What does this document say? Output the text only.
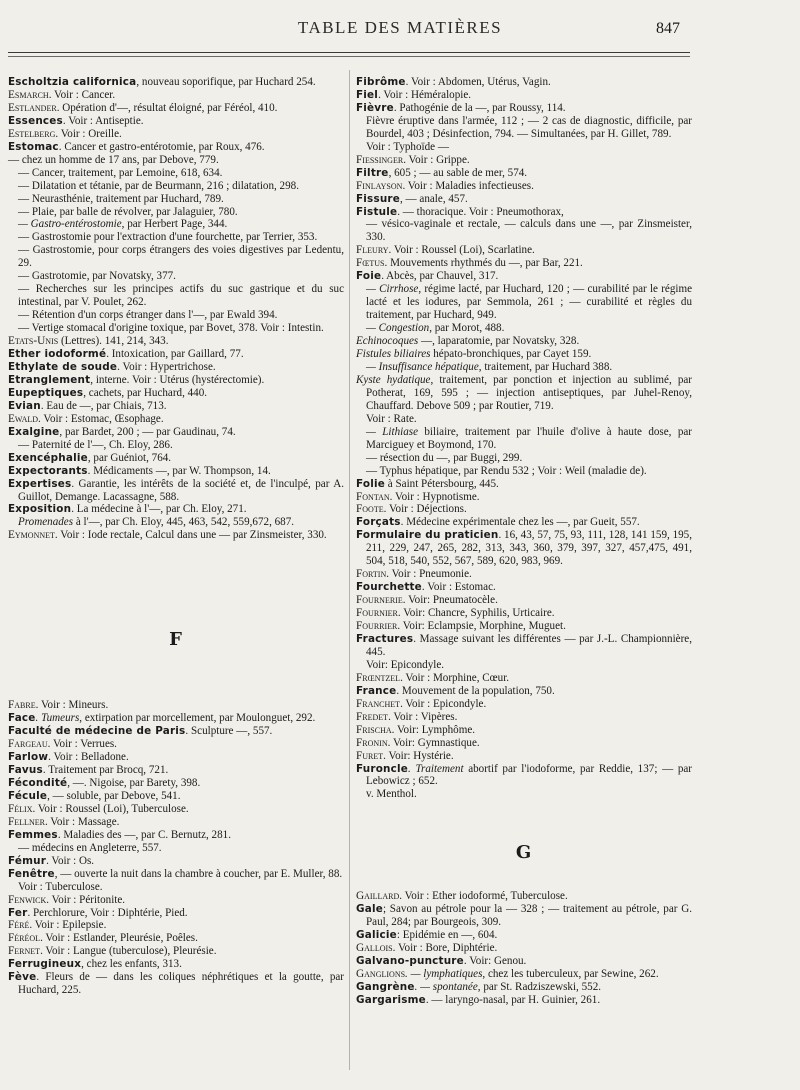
TABLE DES MATIÈRES	847

Escholtzia californica, nouveau soporifique, par Huchard 254.

Esmarch. Voir : Cancer.

Estlander. Opération d'—, résultat éloigné, par Féréol, 410.

Essences. Voir : Antiseptie.

Estelberg. Voir : Oreille.

Estomac. Cancer et gastro-entérotomie, par Roux, 476.

— chez un homme de 17 ans, par Debove, 779.

— Cancer, traitement, par Lemoine, 618, 634.

— Dilatation et tétanie, par de Beurmann, 216 ; dilatation, 298.

— Neurasthénie, traitement par Huchard, 789.

— Plaie, par balle de révolver, par Jalaguier, 780.

— Gastro-entérostomie, par Herbert Page, 344.

— Gastrostomie pour l'extraction d'une fourchette, par Terrier, 353.

— Gastrostomie, pour corps étrangers des voies digestives par Ledentu, 29.

— Gastrotomie, par Novatsky, 377.

— Recherches sur les principes actifs du suc gastrique et du suc intestinal, par V. Poulet, 262.

— Rétention d'un corps étranger dans l'—, par Ewald 394.

— Vertige stomacal d'origine toxique, par Bovet, 378. Voir : Intestin.

Etats-Unis (Lettres). 141, 214, 343.

Ether iodoformé. Intoxication, par Gaillard, 77.

Ethylate de soude. Voir : Hypertrichose.

Etranglement, interne. Voir : Utérus (hystérectomie).

Eupeptiques, cachets, par Huchard, 440.

Evian. Eau de —, par Chiais, 713.

Ewald. Voir : Estomac, Œsophage.

Exalgine, par Bardet, 200 ; — par Gaudinau, 74.

— Paternité de l'—, Ch. Eloy, 286.

Exencéphalie, par Guéniot, 764.

Expectorants. Médicaments —, par W. Thompson, 14.

Expertises. Garantie, les intérêts de la société et, de l'inculpé, par A. Guillot, Demange. Lacassagne, 588.

Exposition. La médecine à l'—, par Ch. Eloy, 271.

Promenades à l'—, par Ch. Eloy, 445, 463, 542, 559,672, 687.

Eymonnet. Voir : Iode rectale, Calcul dans une — par Zinsmeister, 330.

F

Fabre. Voir : Mineurs.

Face. Tumeurs, extirpation par morcellement, par Moulonguet, 292.

Faculté de médecine de Paris. Sculpture —, 557.

Fargeau. Voir : Verrues.

Farlow. Voir : Belladone.

Favus. Traitement par Brocq, 721.

Fécondité, —. Nigoise, par Barety, 398.

Fécule, — soluble, par Debove, 541.

Félix. Voir : Roussel (Loi), Tuberculose.

Fellner. Voir : Massage.

Femmes. Maladies des —, par C. Bernutz, 281.

— médecins en Angleterre, 557.

Fémur. Voir : Os.

Fenêtre, — ouverte la nuit dans la chambre à coucher, par E. Muller, 88.

Voir : Tuberculose.

Fenwick. Voir : Péritonite.

Fer. Perchlorure, Voir : Diphtérie, Pied.

Féré. Voir : Epilepsie.

Féréol. Voir : Estlander, Pleurésie, Poêles.

Fernet. Voir : Langue (tuberculose), Pleurésie.

Ferrugineux, chez les enfants, 313.

Fève. Fleurs de — dans les coliques néphrétiques et la goutte, par Huchard, 225.

Fibrôme. Voir : Abdomen, Utérus, Vagin.

Fiel. Voir : Héméralopie.

Fièvre. Pathogénie de la —, par Roussy, 114.

Fièvre éruptive dans l'armée, 112 ; — 2 cas de diagnostic, difficile, par Bourdel, 403 ; Désinfection, 794. — Simultanées, par H. Gillet, 789.

Voir : Typhoïde —

Fiessinger. Voir : Grippe.

Filtre, 605 ; — au sable de mer, 574.

Finlayson. Voir : Maladies infectieuses.

Fissure, — anale, 457.

Fistule. — thoracique. Voir : Pneumothorax,

— vésico-vaginale et rectale, — calculs dans une —, par Zinsmeister, 330.

Fleury. Voir : Roussel (Loi), Scarlatine.

Fœtus. Mouvements rhythmés du —, par Bar, 221.

Foie. Abcès, par Chauvel, 317.

— Cirrhose, régime lacté, par Huchard, 120 ; — curabilité par le régime lacté et les iodures, par Semmola, 261 ; — curabilité et règles du traitement, par Huchard, 949.

— Congestion, par Morot, 488.

Echinocoques —, laparatomie, par Novatsky, 328.

Fistules biliaires hépato-bronchiques, par Cayet 159.

— Insuffisance hépatique, traitement, par Huchard 388.

Kyste hydatique, traitement, par ponction et injection au sublimé, par Potherat, 169, 595 ; — injection antiseptiques, par Juhel-Renoy, Chauffard. Debove 509 ; par Routier, 719.

Voir : Rate.

— Lithiase biliaire, traitement par l'huile d'olive à haute dose, par Marciguey et Boymond, 170.

— résection du —, par Buggi, 299.

— Typhus hépatique, par Rendu 532 ; Voir : Weil (maladie de).

Folie à Saint Pétersbourg, 445.

Fontan. Voir : Hypnotisme.

Foote. Voir : Déjections.

Forçats. Médecine expérimentale chez les —, par Gueit, 557.

Formulaire du praticien. 16, 43, 57, 75, 93, 111, 128, 141 159, 195, 211, 229, 247, 265, 282, 313, 343, 360, 379, 397, 327, 457,475, 491, 504, 518, 540, 552, 567, 589, 620, 983, 969.

Fortin. Voir : Pneumonie.

Fourchette. Voir : Estomac.

Fournerie. Voir: Pneumatocèle.

Fournier. Voir: Chancre, Syphilis, Urticaire.

Fourrier. Voir: Eclampsie, Morphine, Muguet.

Fractures. Massage suivant les différentes — par J.-L. Championnière, 445.

Voir: Epicondyle.

Frœntzel. Voir : Morphine, Cœur.

France. Mouvement de la population, 750.

Franchet. Voir : Epicondyle.

Fredet. Voir : Vipères.

Frischa. Voir: Lymphôme.

Fronin. Voir: Gymnastique.

Furet. Voir: Hystérie.

Furoncle. Traitement abortif par l'iodoforme, par Reddie, 137; — par Lebowicz ; 652.

v. Menthol.

G

Gaillard. Voir : Ether iodoformé, Tuberculose.

Gale; Savon au pétrole pour la — 328 ; — traitement au pétrole, par G. Paul, 284; par Bourgeois, 309.

Galicie: Epidémie en —, 604.

Gallois. Voir : Bore, Diphtérie.

Galvano-puncture. Voir: Genou.

Ganglions. — lymphatiques, chez les tuberculeux, par Sewine, 262.

Gangrène. — spontanée, par St. Radziszewski, 552.

Gargarisme. — laryngo-nasal, par H. Guinier, 261.
